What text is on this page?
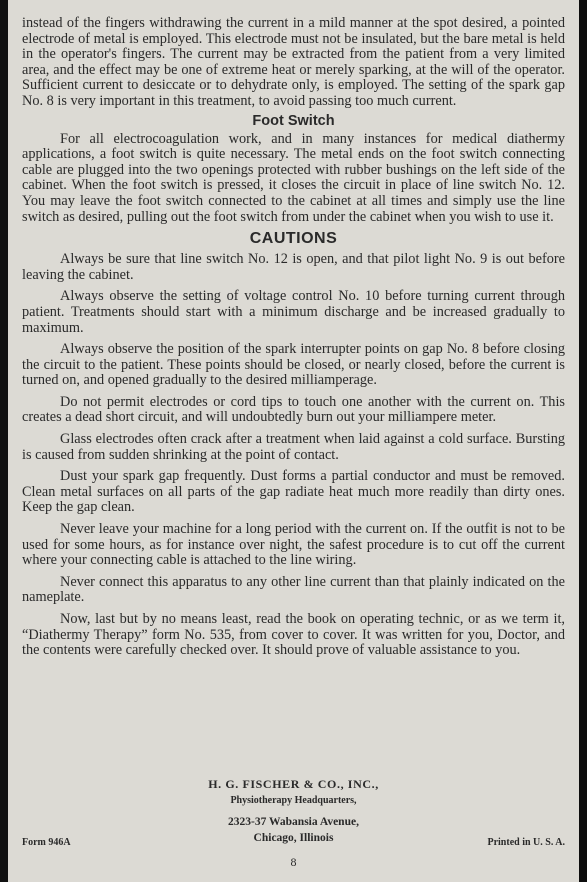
instead of the fingers withdrawing the current in a mild manner at the spot desired, a pointed electrode of metal is employed. This electrode must not be insulated, but the bare metal is held in the operator's fingers. The current may be extracted from the patient from a very limited area, and the effect may be one of extreme heat or merely sparking, at the will of the operator. Sufficient current to desiccate or to dehydrate only, is employed. The setting of the spark gap No. 8 is very important in this treatment, to avoid passing too much current.

Foot Switch

For all electrocoagulation work, and in many instances for medical diathermy applications, a foot switch is quite necessary. The metal ends on the foot switch connecting cable are plugged into the two openings protected with rubber bushings on the left side of the cabinet. When the foot switch is pressed, it closes the circuit in place of line switch No. 12. You may leave the foot switch connected to the cabinet at all times and simply use the line switch as desired, pulling out the foot switch from under the cabinet when you wish to use it.

CAUTIONS

Always be sure that line switch No. 12 is open, and that pilot light No. 9 is out before leaving the cabinet.

Always observe the setting of voltage control No. 10 before turning current through patient. Treatments should start with a minimum discharge and be increased gradually to maximum.

Always observe the position of the spark interrupter points on gap No. 8 before closing the circuit to the patient. These points should be closed, or nearly closed, before the current is turned on, and opened gradually to the desired milliamperage.

Do not permit electrodes or cord tips to touch one another with the current on. This creates a dead short circuit, and will undoubtedly burn out your milliampere meter.

Glass electrodes often crack after a treatment when laid against a cold surface. Bursting is caused from sudden shrinking at the point of contact.

Dust your spark gap frequently. Dust forms a partial conductor and must be removed. Clean metal surfaces on all parts of the gap radiate heat much more readily than dirty ones. Keep the gap clean.

Never leave your machine for a long period with the current on. If the outfit is not to be used for some hours, as for instance over night, the safest procedure is to cut off the current where your connecting cable is attached to the line wiring.

Never connect this apparatus to any other line current than that plainly indicated on the nameplate.

Now, last but by no means least, read the book on operating technic, or as we term it, “Diathermy Therapy” form No. 535, from cover to cover. It was written for you, Doctor, and the contents were carefully checked over. It should prove of valuable assistance to you.

H. G. FISCHER & CO., INC.,
Physiotherapy Headquarters,
2323-37 Wabansia Avenue,
Chicago, Illinois
Form 946A	Printed in U. S. A.
8
